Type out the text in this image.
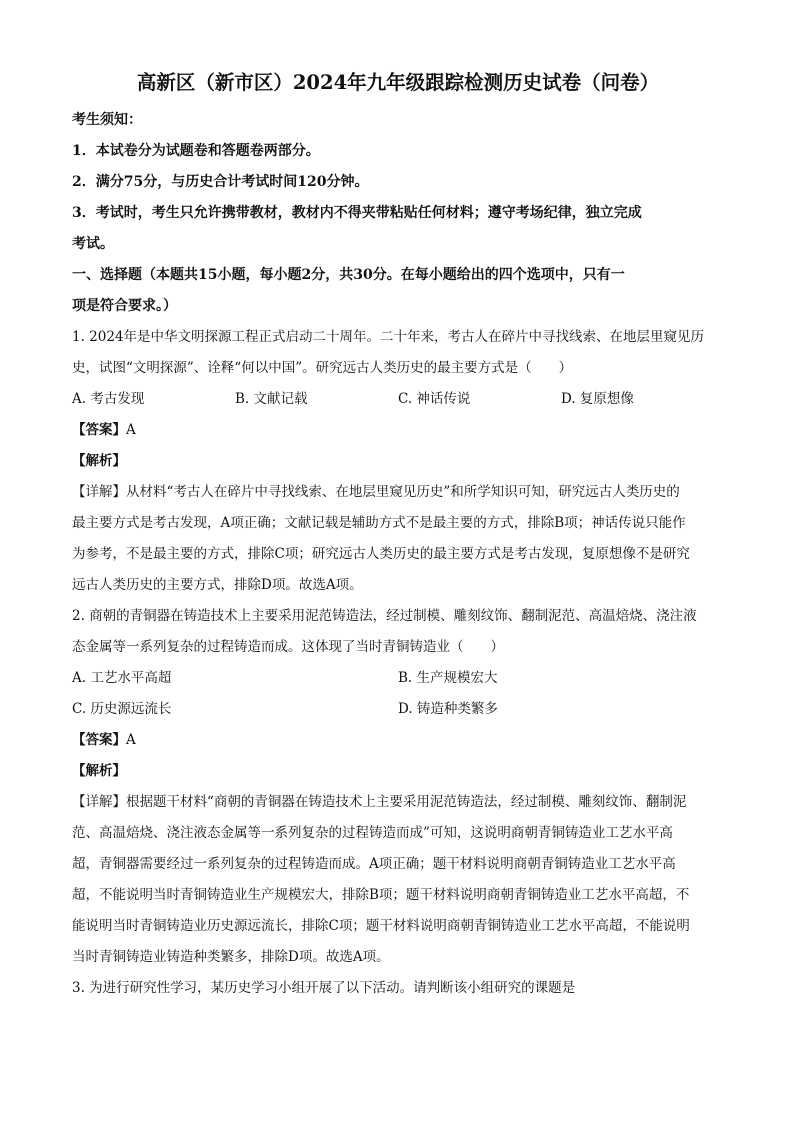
高新区（新市区）2024年九年级跟踪检测历史试卷（问卷）
考生须知：
1．本试卷分为试题卷和答题卷两部分。
2．满分75分，与历史合计考试时间120分钟。
3．考试时，考生只允许携带教材，教材内不得夹带粘贴任何材料；遵守考场纪律，独立完成
考试。
一、选择题（本题共15小题，每小题2分，共30分。在每小题给出的四个选项中，只有一
项是符合要求。）
1. 2024年是中华文明探源工程正式启动二十周年。二十年来，考古人在碎片中寻找线索、在地层里窥见历
史，试图“文明探源”、诠释“何以中国”。研究远古人类历史的最主要方式是（　　）
A. 考古发现	B. 文献记载	C. 神话传说	D. 复原想像
【答案】A
【解析】
【详解】从材料“考古人在碎片中寻找线索、在地层里窥见历史”和所学知识可知，研究远古人类历史的
最主要方式是考古发现，A项正确；文献记载是辅助方式不是最主要的方式，排除B项；神话传说只能作
为参考，不是最主要的方式，排除C项；研究远古人类历史的最主要方式是考古发现，复原想像不是研究
远古人类历史的主要方式，排除D项。故选A项。
2. 商朝的青铜器在铸造技术上主要采用泥范铸造法，经过制模、雕刻纹饰、翻制泥范、高温焙烧、浇注液
态金属等一系列复杂的过程铸造而成。这体现了当时青铜铸造业（　　）
A. 工艺水平高超	B. 生产规模宏大
C. 历史源远流长	D. 铸造种类繁多
【答案】A
【解析】
【详解】根据题干材料“商朝的青铜器在铸造技术上主要采用泥范铸造法，经过制模、雕刻纹饰、翻制泥
范、高温焙烧、浇注液态金属等一系列复杂的过程铸造而成”可知，这说明商朝青铜铸造业工艺水平高
超，青铜器需要经过一系列复杂的过程铸造而成。A项正确；题干材料说明商朝青铜铸造业工艺水平高
超，不能说明当时青铜铸造业生产规模宏大，排除B项；题干材料说明商朝青铜铸造业工艺水平高超，不
能说明当时青铜铸造业历史源远流长，排除C项；题干材料说明商朝青铜铸造业工艺水平高超，不能说明
当时青铜铸造业铸造种类繁多，排除D项。故选A项。
3. 为进行研究性学习，某历史学习小组开展了以下活动。请判断该小组研究的课题是
